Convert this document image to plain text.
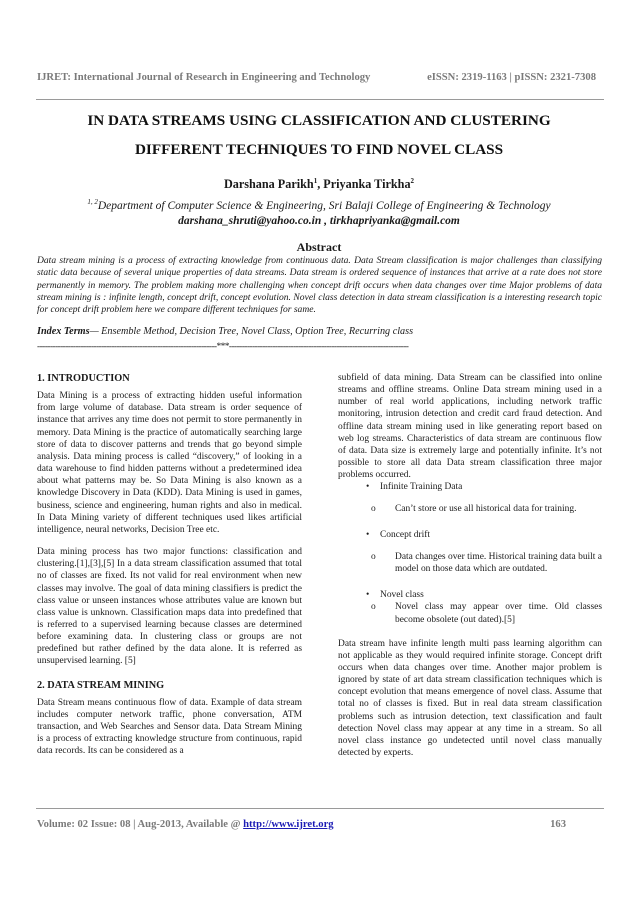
IJRET: International Journal of Research in Engineering and Technology	eISSN: 2319-1163 | pISSN: 2321-7308
IN DATA STREAMS USING CLASSIFICATION AND CLUSTERING
DIFFERENT TECHNIQUES TO FIND NOVEL CLASS
Darshana Parikh$^1$, Priyanka Tirkha$^2$
$^{1, 2}$Department of Computer Science & Engineering, Sri Balaji College of Engineering & Technology
darshana_shruti@yahoo.co.in , tirkhapriyanka@gmail.com
Abstract
Data stream mining is a process of extracting knowledge from continuous data. Data Stream classification is major challenges than classifying static data because of several unique properties of data streams. Data stream is ordered sequence of instances that arrive at a rate does not store permanently in memory. The problem making more challenging when concept drift occurs when data changes over time Major problems of data stream mining is : infinite length, concept drift, concept evolution. Novel class detection in data stream classification is a interesting research topic for concept drift problem here we compare different techniques for same.
Index Terms— Ensemble Method, Decision Tree, Novel Class, Option Tree, Recurring class
----------------------------------------------------------------------***----------------------------------------------------------------------
1. INTRODUCTION

Data Mining is a process of extracting hidden useful information from large volume of database. Data stream is order sequence of instance that arrives any time does not permit to store permanently in memory. Data Mining is the practice of automatically searching large store of data to discover patterns and trends that go beyond simple analysis. Data mining process is called “discovery,” of looking in a data warehouse to find hidden patterns without a predetermined idea about what patterns may be. So Data Mining is also known as a knowledge Discovery in Data (KDD). Data Mining is used in games, business, science and engineering, human rights and also in medical. In Data Mining variety of different techniques used likes artificial intelligence, neural networks, Decision Tree etc.

Data mining process has two major functions: classification and clustering.[1],[3],[5] In a data stream classification assumed that total no of classes are fixed. Its not valid for real environment when new classes may involve. The goal of data mining classifiers is predict the class value or unseen instances whose attributes value are known but class value is unknown. Classification maps data into predefined that is referred to a supervised learning because classes are determined before examining data. In clustering class or groups are not predefined but rather defined by the data alone. It is referred as unsupervised learning. [5]

2. DATA STREAM MINING

Data Stream means continuous flow of data. Example of data stream includes computer network traffic, phone conversation, ATM transaction, and Web Searches and Sensor data. Data Stream Mining is a process of extracting knowledge structure from continuous, rapid data records. Its can be considered as a

subfield of data mining. Data Stream can be classified into online streams and offline streams. Online Data stream mining used in a number of real world applications, including network traffic monitoring, intrusion detection and credit card fraud detection. And offline data stream mining used in like generating report based on web log streams. Characteristics of data stream are continuous flow of data. Data size is extremely large and potentially infinite. It’s not possible to store all data Data stream classification three major problems occurred.

• Infinite Training Data
o Can’t store or use all historical data for training.
• Concept drift
o Data changes over time. Historical training data built a model on those data which are outdated.
• Novel class
o Novel class may appear over time. Old classes become obsolete (out dated).[5]

Data stream have infinite length multi pass learning algorithm can not applicable as they would required infinite storage. Concept drift occurs when data changes over time. Another major problem is ignored by state of art data stream classification techniques which is concept evolution that means emergence of novel class. Assume that total no of classes is fixed. But in real data stream classification problems such as intrusion detection, text classification and fault detection Novel class may appear at any time in a stream. So all novel class instance go undetected until novel class manually detected by experts.

Volume: 02 Issue: 08 | Aug-2013, Available @ http://www.ijret.org	163
